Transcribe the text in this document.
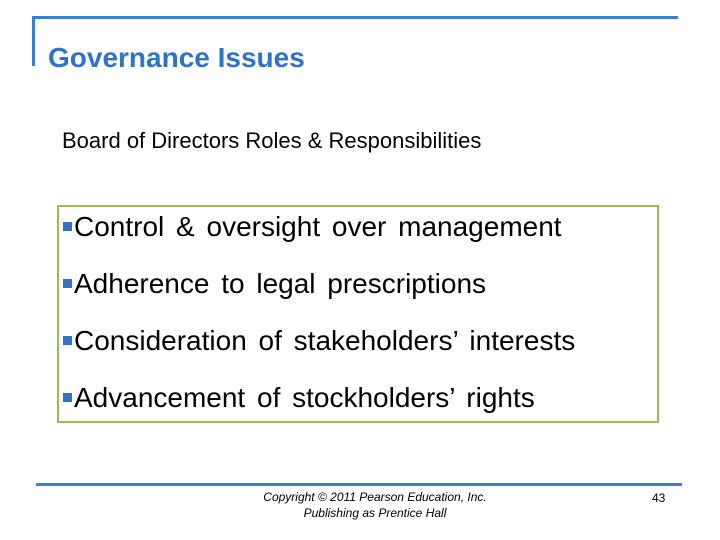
Governance Issues
Board of Directors Roles & Responsibilities
Control & oversight over management
Adherence to legal prescriptions
Consideration of stakeholders’ interests
Advancement of stockholders’ rights
Copyright © 2011 Pearson Education, Inc.
Publishing as Prentice Hall
43
